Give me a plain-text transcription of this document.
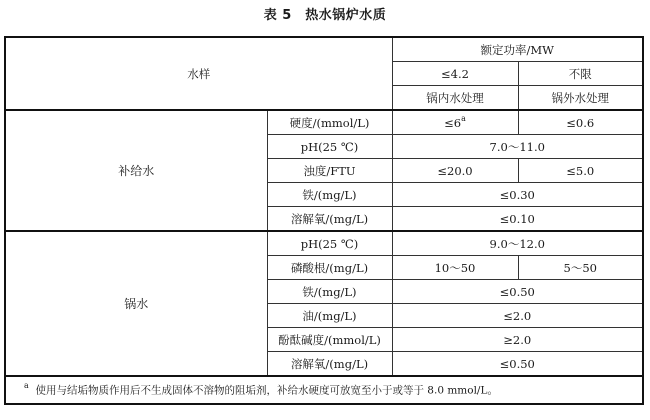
表 5　热水锅炉水质
水样		额定功率/MW	
		≤4.2	不限
		锅内水处理	锅外水处理
补给水	硬度/(mmol/L)	≤6$^a$	≤0.6
	pH(25 ℃)	7.0～11.0	
	浊度/FTU	≤20.0	≤5.0
	铁/(mg/L)	≤0.30	
	溶解氧/(mg/L)	≤0.10	
锅水	pH(25 ℃)	9.0～12.0	
	磷酸根/(mg/L)	10～50	5～50
	铁/(mg/L)	≤0.50	
	油/(mg/L)	≤2.0	
	酚酞碱度/(mmol/L)	≥2.0	
	溶解氧/(mg/L)	≤0.50	
$^a$ 使用与结垢物质作用后不生成固体不溶物的阻垢剂，补给水硬度可放宽至小于或等于 8.0 mmol/L。			
